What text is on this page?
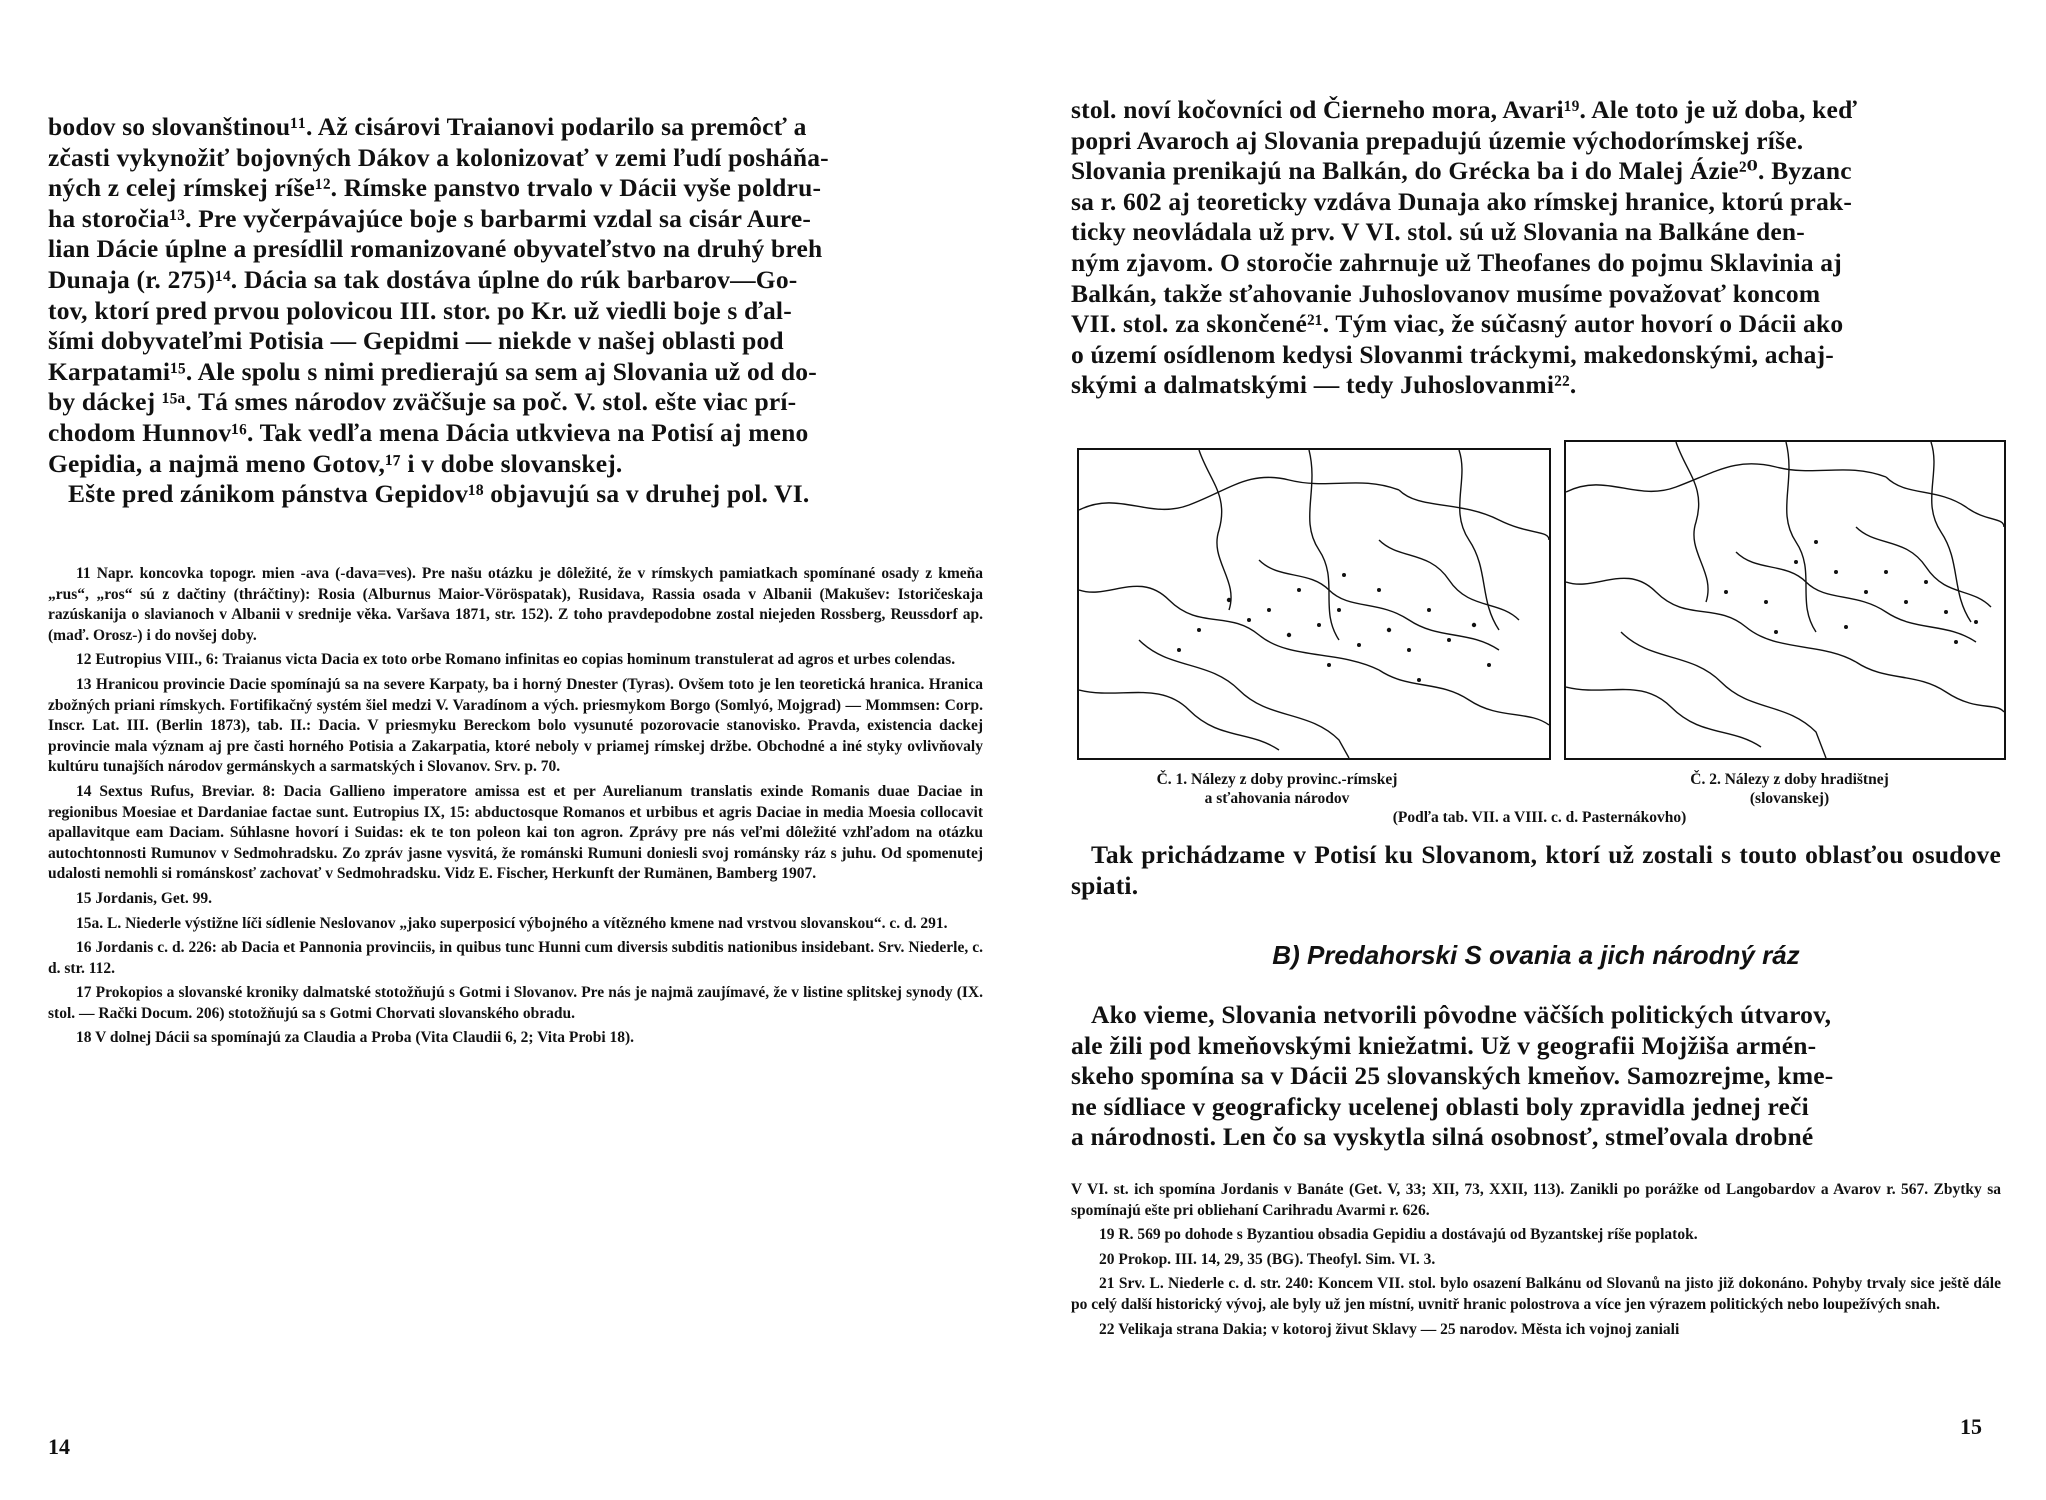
bodov so slovanštinou¹¹. Až cisárovi Traianovi podarilo sa premôcť a

zčasti vykynožiť bojovných Dákov a kolonizovať v zemi ľudí posháňa-

ných z celej rímskej ríše¹². Rímske panstvo trvalo v Dácii vyše poldru-

ha storočia¹³. Pre vyčerpávajúce boje s barbarmi vzdal sa cisár Aure-

lian Dácie úplne a presídlil romanizované obyvateľstvo na druhý breh

Dunaja (r. 275)¹⁴. Dácia sa tak dostáva úplne do rúk barbarov—Go-

tov, ktorí pred prvou polovicou III. stor. po Kr. už viedli boje s ďal-

šími dobyvateľmi Potisia — Gepidmi — niekde v našej oblasti pod

Karpatami¹⁵. Ale spolu s nimi predierajú sa sem aj Slovania už od do-

by dáckej ¹⁵ᵃ. Tá smes národov zväčšuje sa poč. V. stol. ešte viac prí-

chodom Hunnov¹⁶. Tak vedľa mena Dácia utkvieva na Potisí aj meno

Gepidia, a najmä meno Gotov,¹⁷ i v dobe slovanskej.

Ešte pred zánikom pánstva Gepidov¹⁸ objavujú sa v druhej pol. VI.

11 Napr. koncovka topogr. mien -ava (-dava=ves). Pre našu otázku je dôležité, že v rímskych pamiatkach spomínané osady z kmeňa „rus“, „ros“ sú z dačtiny (thráčtiny): Rosia (Alburnus Maior-Vöröspatak), Rusidava, Rassia osada v Albanii (Makušev: Istoričeskaja razúskanija o slavianoch v Albanii v srednije věka. Varšava 1871, str. 152). Z toho pravdepodobne zostal niejeden Rossberg, Reussdorf ap. (maď. Orosz-) i do novšej doby.

12 Eutropius VIII., 6: Traianus victa Dacia ex toto orbe Romano infinitas eo copias hominum transtulerat ad agros et urbes colendas.

13 Hranicou provincie Dacie spomínajú sa na severe Karpaty, ba i horný Dnester (Tyras). Ovšem toto je len teoretická hranica. Hranica zbožných priani rímskych. Fortifikačný systém šiel medzi V. Varadínom a vých. priesmykom Borgo (Somlyó, Mojgrad) — Mommsen: Corp. Inscr. Lat. III. (Berlin 1873), tab. II.: Dacia. V priesmyku Bereckom bolo vysunuté pozorovacie stanovisko. Pravda, existencia dackej provincie mala význam aj pre časti horného Potisia a Zakarpatia, ktoré neboly v priamej rímskej držbe. Obchodné a iné styky ovlivňovaly kultúru tunajších národov germánskych a sarmatských i Slovanov. Srv. p. 70.

14 Sextus Rufus, Breviar. 8: Dacia Gallieno imperatore amissa est et per Aurelianum translatis exinde Romanis duae Daciae in regionibus Moesiae et Dardaniae factae sunt. Eutropius IX, 15: abductosque Romanos et urbibus et agris Daciae in media Moesia collocavit apallavitque eam Daciam. Súhlasne hovorí i Suidas: ek te ton poleon kai ton agron. Zprávy pre nás veľmi dôležité vzhľadom na otázku autochtonnosti Rumunov v Sedmohradsku. Zo zpráv jasne vysvitá, že románski Rumuni doniesli svoj románsky ráz s juhu. Od spomenutej udalosti nemohli si románskosť zachovať v Sedmohradsku. Vidz E. Fischer, Herkunft der Rumänen, Bamberg 1907.

15 Jordanis, Get. 99.

15a. L. Niederle výstižne líči sídlenie Neslovanov „jako superposicí výbojného a vítězného kmene nad vrstvou slovanskou“. c. d. 291.

16 Jordanis c. d. 226: ab Dacia et Pannonia provinciis, in quibus tunc Hunni cum diversis subditis nationibus insidebant. Srv. Niederle, c. d. str. 112.

17 Prokopios a slovanské kroniky dalmatské stotožňujú s Gotmi i Slovanov. Pre nás je najmä zaujímavé, že v listine splitskej synody (IX. stol. — Rački Docum. 206) stotožňujú sa s Gotmi Chorvati slovanského obradu.

18 V dolnej Dácii sa spomínajú za Claudia a Proba (Vita Claudii 6, 2; Vita Probi 18).

14

stol. noví kočovníci od Čierneho mora, Avari¹⁹. Ale toto je už doba, keď

popri Avaroch aj Slovania prepadujú územie východorímskej ríše.

Slovania prenikajú na Balkán, do Grécka ba i do Malej Ázie²⁰. Byzanc

sa r. 602 aj teoreticky vzdáva Dunaja ako rímskej hranice, ktorú prak-

ticky neovládala už prv. V VI. stol. sú už Slovania na Balkáne den-

ným zjavom. O storočie zahrnuje už Theofanes do pojmu Sklavinia aj

Balkán, takže sťahovanie Juhoslovanov musíme považovať koncom

VII. stol. za skončené²¹. Tým viac, že súčasný autor hovorí o Dácii ako

o území osídlenom kedysi Slovanmi tráckymi, makedonskými, achaj-

skými a dalmatskými — tedy Juhoslovanmi²².

Č. 1. Nálezy z doby provinc.-rímskej
a sťahovania národov
Č. 2. Nálezy z doby hradištnej
(slovanskej)
(Podľa tab. VII. a VIII. c. d. Pasternákovho)

Tak prichádzame v Potisí ku Slovanom, ktorí už zostali s touto oblasťou osudove spiati.

B) Predahorski S ovania a jich národný ráz

Ako vieme, Slovania netvorili pôvodne väčších politických útvarov,

ale žili pod kmeňovskými kniežatmi. Už v geografii Mojžiša armén-

skeho spomína sa v Dácii 25 slovanských kmeňov. Samozrejme, kme-

ne sídliace v geograficky ucelenej oblasti boly zpravidla jednej reči

a národnosti. Len čo sa vyskytla silná osobnosť, stmeľovala drobné

V VI. st. ich spomína Jordanis v Banáte (Get. V, 33; XII, 73, XXII, 113). Zanikli po porážke od Langobardov a Avarov r. 567. Zbytky sa spomínajú ešte pri obliehaní Carihradu Avarmi r. 626.

19 R. 569 po dohode s Byzantiou obsadia Gepidiu a dostávajú od Byzantskej ríše poplatok.

20 Prokop. III. 14, 29, 35 (BG). Theofyl. Sim. VI. 3.

21 Srv. L. Niederle c. d. str. 240: Koncem VII. stol. bylo osazení Balkánu od Slovanů na jisto již dokonáno. Pohyby trvaly sice ještě dále po celý další historický vývoj, ale byly už jen místní, uvnitř hranic polostrova a více jen výrazem politických nebo loupežívých snah.

22 Velikaja strana Dakia; v kotoroj živut Sklavy — 25 narodov. Města ich vojnoj zaniali

15
